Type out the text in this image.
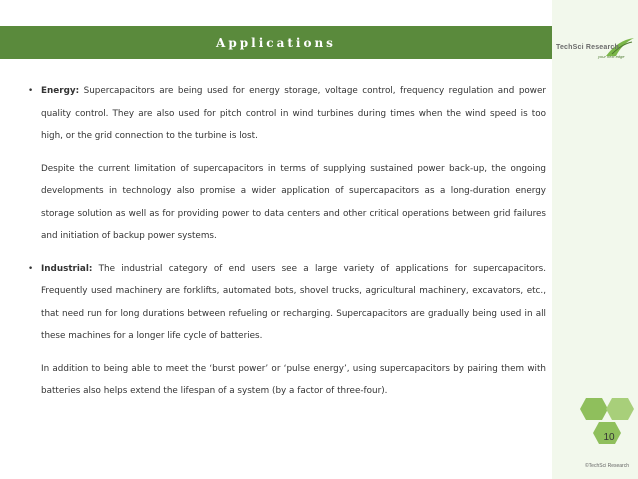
Applications	TechSci Research
your next edge
• Energy: Supercapacitors are being used for energy storage, voltage control, frequency regulation and power quality control. They are also used for pitch control in wind turbines during times when the wind speed is too high, or the grid connection to the turbine is lost.
Despite the current limitation of supercapacitors in terms of supplying sustained power back-up, the ongoing developments in technology also promise a wider application of supercapacitors as a long-duration energy storage solution as well as for providing power to data centers and other critical operations between grid failures and initiation of backup power systems.
• Industrial: The industrial category of end users see a large variety of applications for supercapacitors. Frequently used machinery are forklifts, automated bots, shovel trucks, agricultural machinery, excavators, etc., that need run for long durations between refueling or recharging. Supercapacitors are gradually being used in all these machines for a longer life cycle of batteries.
In addition to being able to meet the ‘burst power’ or ‘pulse energy’, using supercapacitors by pairing them with batteries also helps extend the lifespan of a system (by a factor of three-four).
10
©TechSci Research
